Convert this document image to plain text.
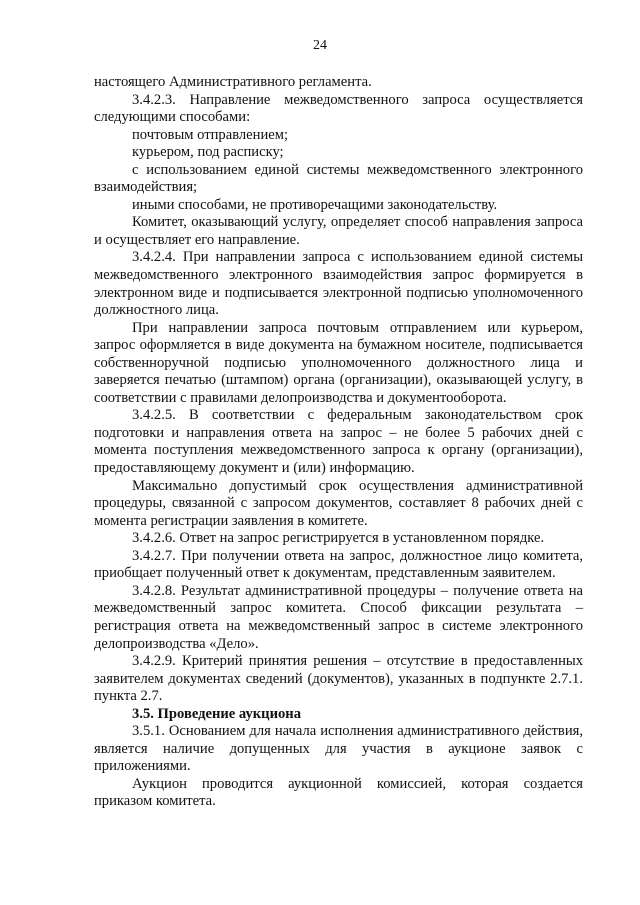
24

настоящего Административного регламента.

3.4.2.3. Направление межведомственного запроса осуществляется следующими способами:

почтовым отправлением;

курьером, под расписку;

с использованием единой системы межведомственного электронного взаимодействия;

иными способами, не противоречащими законодательству.

Комитет, оказывающий услугу, определяет способ направления запроса и осуществляет его направление.

3.4.2.4. При направлении запроса с использованием единой системы межведомственного электронного взаимодействия запрос формируется в электронном виде и подписывается электронной подписью уполномоченного должностного лица.

При направлении запроса почтовым отправлением или курьером, запрос оформляется в виде документа на бумажном носителе, подписывается собственноручной подписью уполномоченного должностного лица и заверяется печатью (штампом) органа (организации), оказывающей услугу, в соответствии с правилами делопроизводства и документооборота.

3.4.2.5. В соответствии с федеральным законодательством срок подготовки и направления ответа на запрос – не более 5 рабочих дней с момента поступления межведомственного запроса к органу (организации), предоставляющему документ и (или) информацию.

Максимально допустимый срок осуществления административной процедуры, связанной с запросом документов, составляет 8 рабочих дней с момента регистрации заявления в комитете.

3.4.2.6. Ответ на запрос регистрируется в установленном порядке.

3.4.2.7. При получении ответа на запрос, должностное лицо комитета, приобщает полученный ответ к документам, представленным заявителем.

3.4.2.8. Результат административной процедуры – получение ответа на межведомственный запрос комитета. Способ фиксации результата – регистрация ответа на межведомственный запрос в системе электронного делопроизводства «Дело».

3.4.2.9. Критерий принятия решения – отсутствие в предоставленных заявителем документах сведений (документов), указанных в подпункте 2.7.1. пункта 2.7.

3.5. Проведение аукциона

3.5.1. Основанием для начала исполнения административного действия, является наличие допущенных для участия в аукционе заявок с приложениями.

Аукцион проводится аукционной комиссией, которая создается приказом комитета.
